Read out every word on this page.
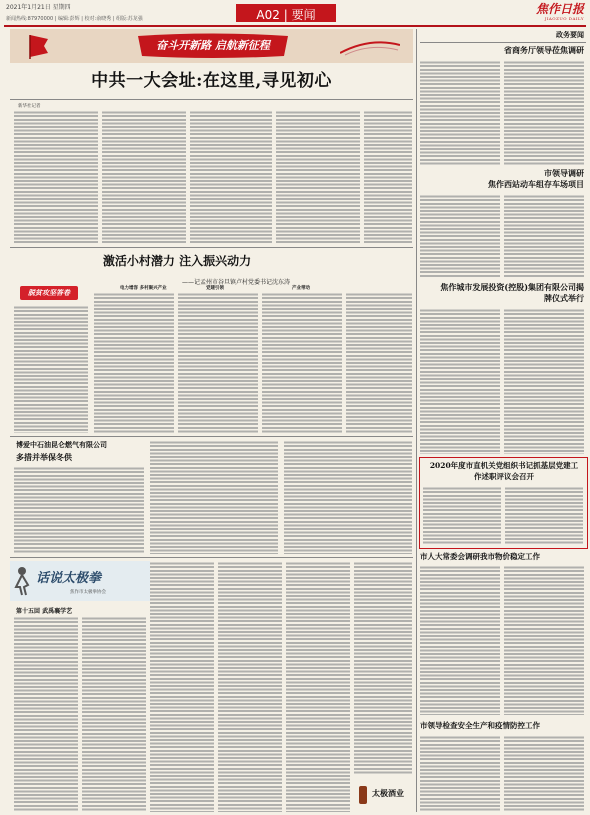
2021年1月21日 星期四
新闻热线:87970000 | 编辑:彭辉 | 校对:俞晓秀 | 组版:苏龙强	A02 | 要闻	焦作日报
JIAOZUO DAILY
奋斗开新路 启航新征程
中共一大会址:在这里,寻见初心
新华社记者
激活小村潜力 注入振兴动力
——记孟州市谷旦镇卢村党委书记沈东涛
脱贫攻坚答卷	电力增容 多村聚兴产业	党建引领	产业带动
博爱中石油昆仑燃气有限公司
多措并举保冬供
话说太极拳
焦作市太极拳协会
第十五回 武禹襄学艺
太极酒业
政务要闻
省商务厅领导莅焦调研
市领导调研
焦作西站动车组存车场项目
焦作城市发展投资(控股)集团有限公司揭牌仪式举行
2020年度市直机关党组织书记抓基层党建工作述职评议会召开
市人大常委会调研我市物价稳定工作
市领导检查安全生产和疫情防控工作
